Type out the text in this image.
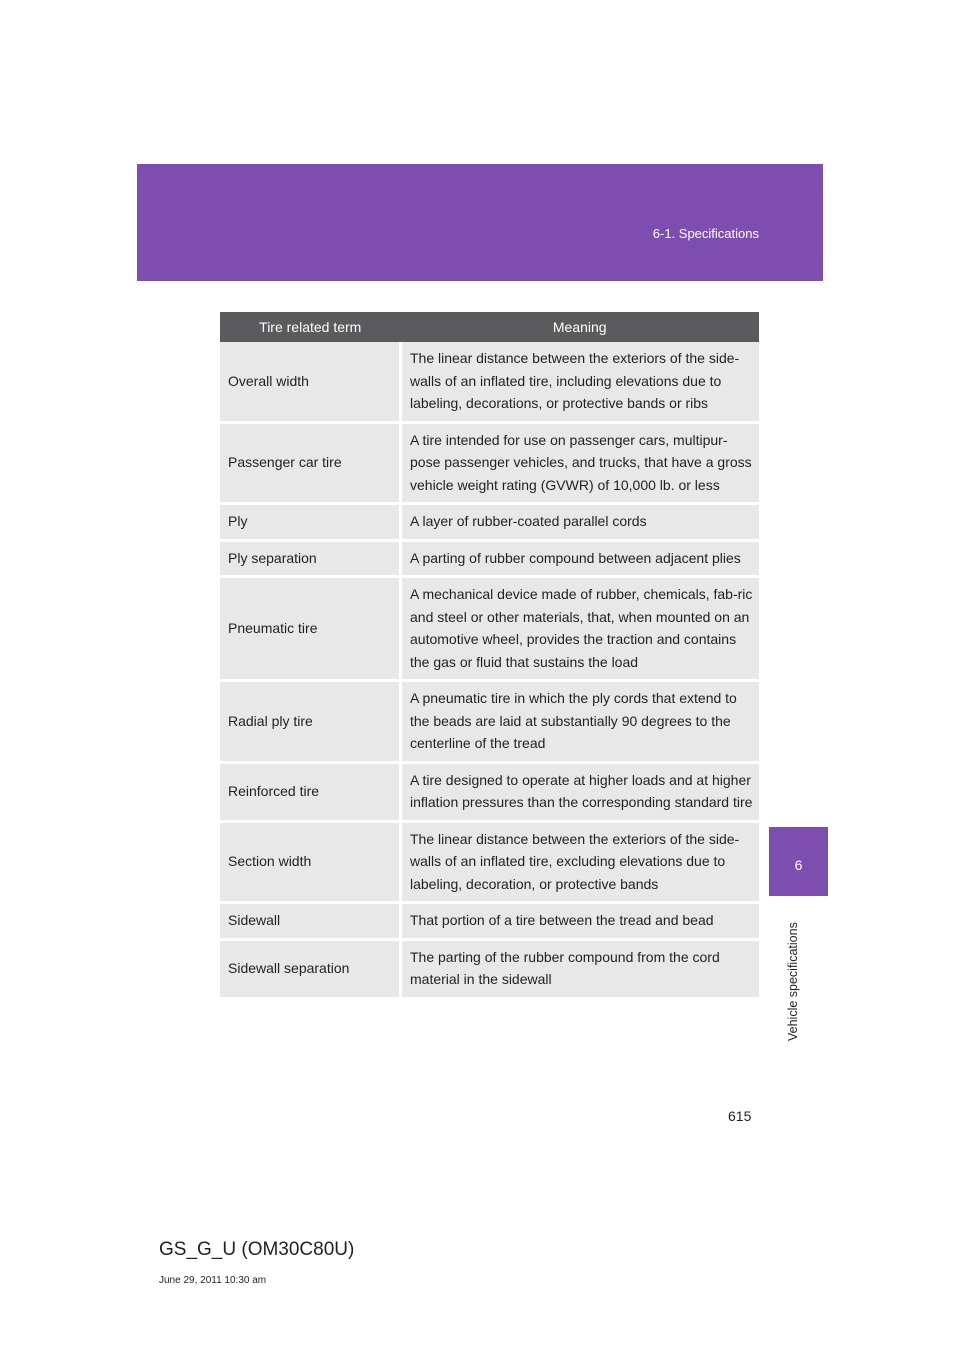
6-1. Specifications
6
Vehicle specifications
Tire related term	Meaning
Overall width	The linear distance between the exteriors of the side-walls of an inflated tire, including elevations due to labeling, decorations, or protective bands or ribs
Passenger car tire	A tire intended for use on passenger cars, multipur-pose passenger vehicles, and trucks, that have a gross vehicle weight rating (GVWR) of 10,000 lb. or less
Ply	A layer of rubber-coated parallel cords
Ply separation	A parting of rubber compound between adjacent plies
Pneumatic tire	A mechanical device made of rubber, chemicals, fab-ric and steel or other materials, that, when mounted on an automotive wheel, provides the traction and contains the gas or fluid that sustains the load
Radial ply tire	A pneumatic tire in which the ply cords that extend to the beads are laid at substantially 90 degrees to the centerline of the tread
Reinforced tire	A tire designed to operate at higher loads and at higher inflation pressures than the corresponding standard tire
Section width	The linear distance between the exteriors of the side-walls of an inflated tire, excluding elevations due to labeling, decoration, or protective bands
Sidewall	That portion of a tire between the tread and bead
Sidewall separation	The parting of the rubber compound from the cord material in the sidewall
615
GS_G_U (OM30C80U)
June 29, 2011 10:30 am
